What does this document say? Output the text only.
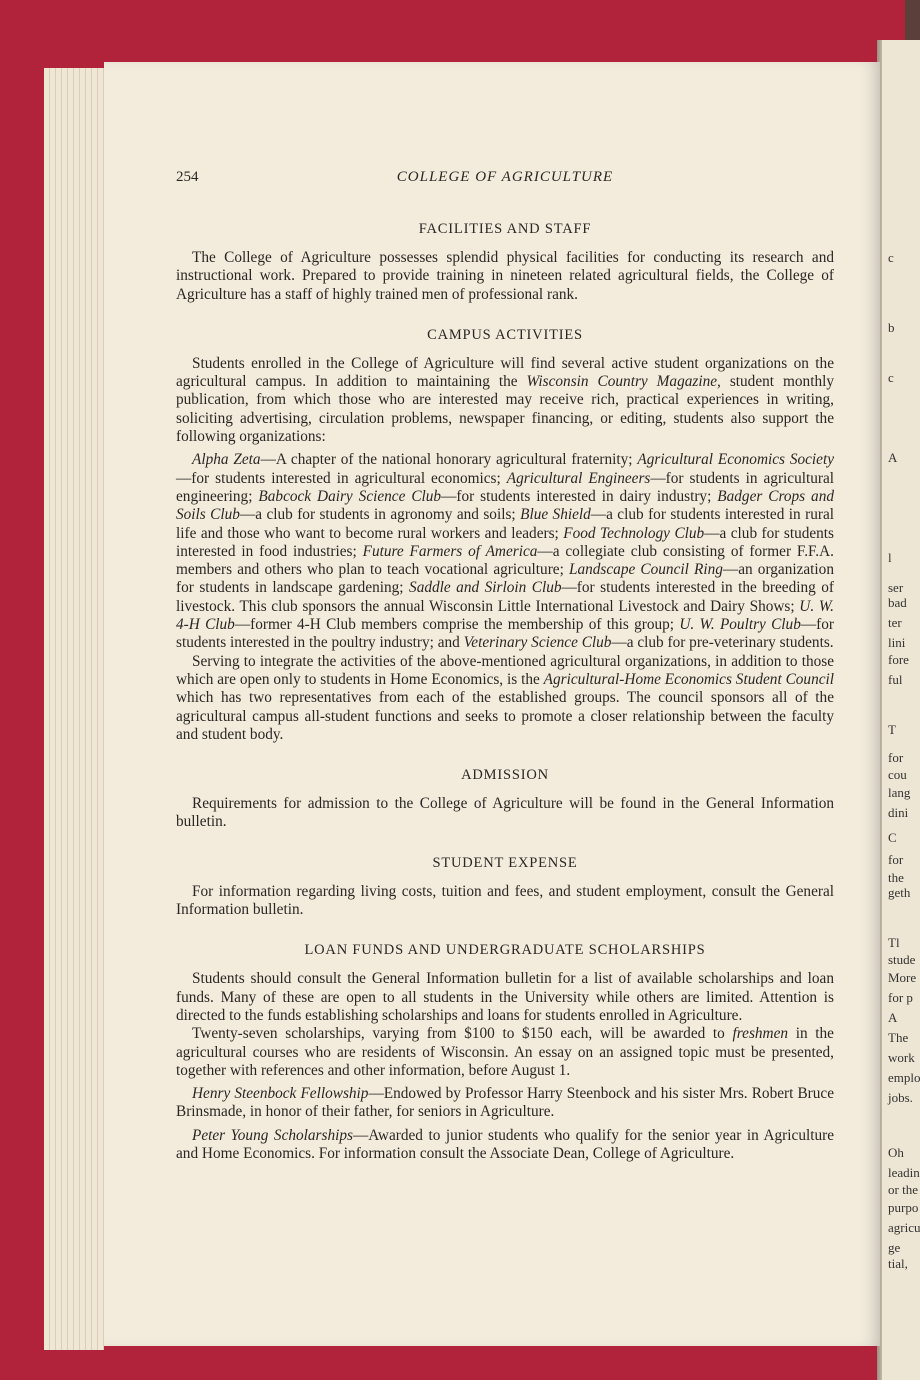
c
b
c
A
l
ser
bad
ter
lini
fore
ful
T
for
cou
lang
dini
C
for
the
geth
Tl
stude
More
for p
A
The
work
emplo
jobs.
Oh
leadin
or the
purpo
agricu
ge tial,
254	COLLEGE OF AGRICULTURE
FACILITIES AND STAFF

The College of Agriculture possesses splendid physical facilities for conducting its research and instructional work. Prepared to provide training in nineteen related agricultural fields, the College of Agriculture has a staff of highly trained men of professional rank.

CAMPUS ACTIVITIES

Students enrolled in the College of Agriculture will find several active student organizations on the agricultural campus. In addition to maintaining the Wisconsin Country Magazine, student monthly publication, from which those who are interested may receive rich, practical experiences in writing, soliciting advertising, circulation problems, newspaper financing, or editing, students also support the following organizations:

Alpha Zeta—A chapter of the national honorary agricultural fraternity; Agricultural Economics Society—for students interested in agricultural economics; Agricultural Engineers—for students in agricultural engineering; Babcock Dairy Science Club—for students interested in dairy industry; Badger Crops and Soils Club—a club for students in agronomy and soils; Blue Shield—a club for students interested in rural life and those who want to become rural workers and leaders; Food Technology Club—a club for students interested in food industries; Future Farmers of America—a collegiate club consisting of former F.F.A. members and others who plan to teach vocational agriculture; Landscape Council Ring—an organization for students in landscape gardening; Saddle and Sirloin Club—for students interested in the breeding of livestock. This club sponsors the annual Wisconsin Little International Livestock and Dairy Shows; U. W. 4-H Club—former 4-H Club members comprise the membership of this group; U. W. Poultry Club—for students interested in the poultry industry; and Veterinary Science Club—a club for pre-veterinary students.

Serving to integrate the activities of the above-mentioned agricultural organizations, in addition to those which are open only to students in Home Economics, is the Agricultural-Home Economics Student Council which has two representatives from each of the established groups. The council sponsors all of the agricultural campus all-student functions and seeks to promote a closer relationship between the faculty and student body.

ADMISSION

Requirements for admission to the College of Agriculture will be found in the General Information bulletin.

STUDENT EXPENSE

For information regarding living costs, tuition and fees, and student employment, consult the General Information bulletin.

LOAN FUNDS AND UNDERGRADUATE SCHOLARSHIPS

Students should consult the General Information bulletin for a list of available scholarships and loan funds. Many of these are open to all students in the University while others are limited. Attention is directed to the funds establishing scholarships and loans for students enrolled in Agriculture.

Twenty-seven scholarships, varying from $100 to $150 each, will be awarded to freshmen in the agricultural courses who are residents of Wisconsin. An essay on an assigned topic must be presented, together with references and other information, before August 1.

Henry Steenbock Fellowship—Endowed by Professor Harry Steenbock and his sister Mrs. Robert Bruce Brinsmade, in honor of their father, for seniors in Agriculture.

Peter Young Scholarships—Awarded to junior students who qualify for the senior year in Agriculture and Home Economics. For information consult the Associate Dean, College of Agriculture.
